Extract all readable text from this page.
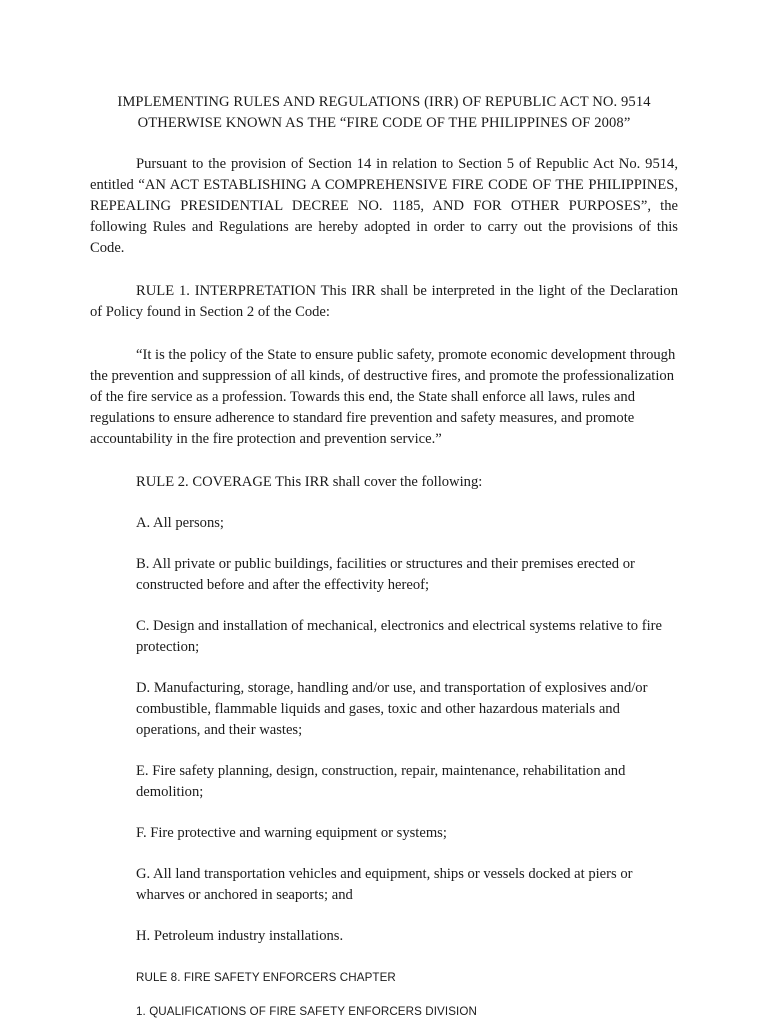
IMPLEMENTING RULES AND REGULATIONS (IRR) OF REPUBLIC ACT NO. 9514
OTHERWISE KNOWN AS THE “FIRE CODE OF THE PHILIPPINES OF 2008”

Pursuant to the provision of Section 14 in relation to Section 5 of Republic Act No. 9514, entitled “AN ACT ESTABLISHING A COMPREHENSIVE FIRE CODE OF THE PHILIPPINES, REPEALING PRESIDENTIAL DECREE NO. 1185, AND FOR OTHER PURPOSES”, the following Rules and Regulations are hereby adopted in order to carry out the provisions of this Code.

RULE 1. INTERPRETATION This IRR shall be interpreted in the light of the Declaration of Policy found in Section 2 of the Code:

“It is the policy of the State to ensure public safety, promote economic development through the prevention and suppression of all kinds, of destructive fires, and promote the professionalization of the fire service as a profession. Towards this end, the State shall enforce all laws, rules and regulations to ensure adherence to standard fire prevention and safety measures, and promote accountability in the fire protection and prevention service.”

RULE 2. COVERAGE This IRR shall cover the following:

A. All persons;

B. All private or public buildings, facilities or structures and their premises erected or constructed before and after the effectivity hereof;

C. Design and installation of mechanical, electronics and electrical systems relative to fire protection;

D. Manufacturing, storage, handling and/or use, and transportation of explosives and/or combustible, flammable liquids and gases, toxic and other hazardous materials and operations, and their wastes;

E. Fire safety planning, design, construction, repair, maintenance, rehabilitation and demolition;

F. Fire protective and warning equipment or systems;

G. All land transportation vehicles and equipment, ships or vessels docked at piers or wharves or anchored in seaports; and

H. Petroleum industry installations.

RULE 8. FIRE SAFETY ENFORCERS CHAPTER
1. QUALIFICATIONS OF FIRE SAFETY ENFORCERS DIVISION
